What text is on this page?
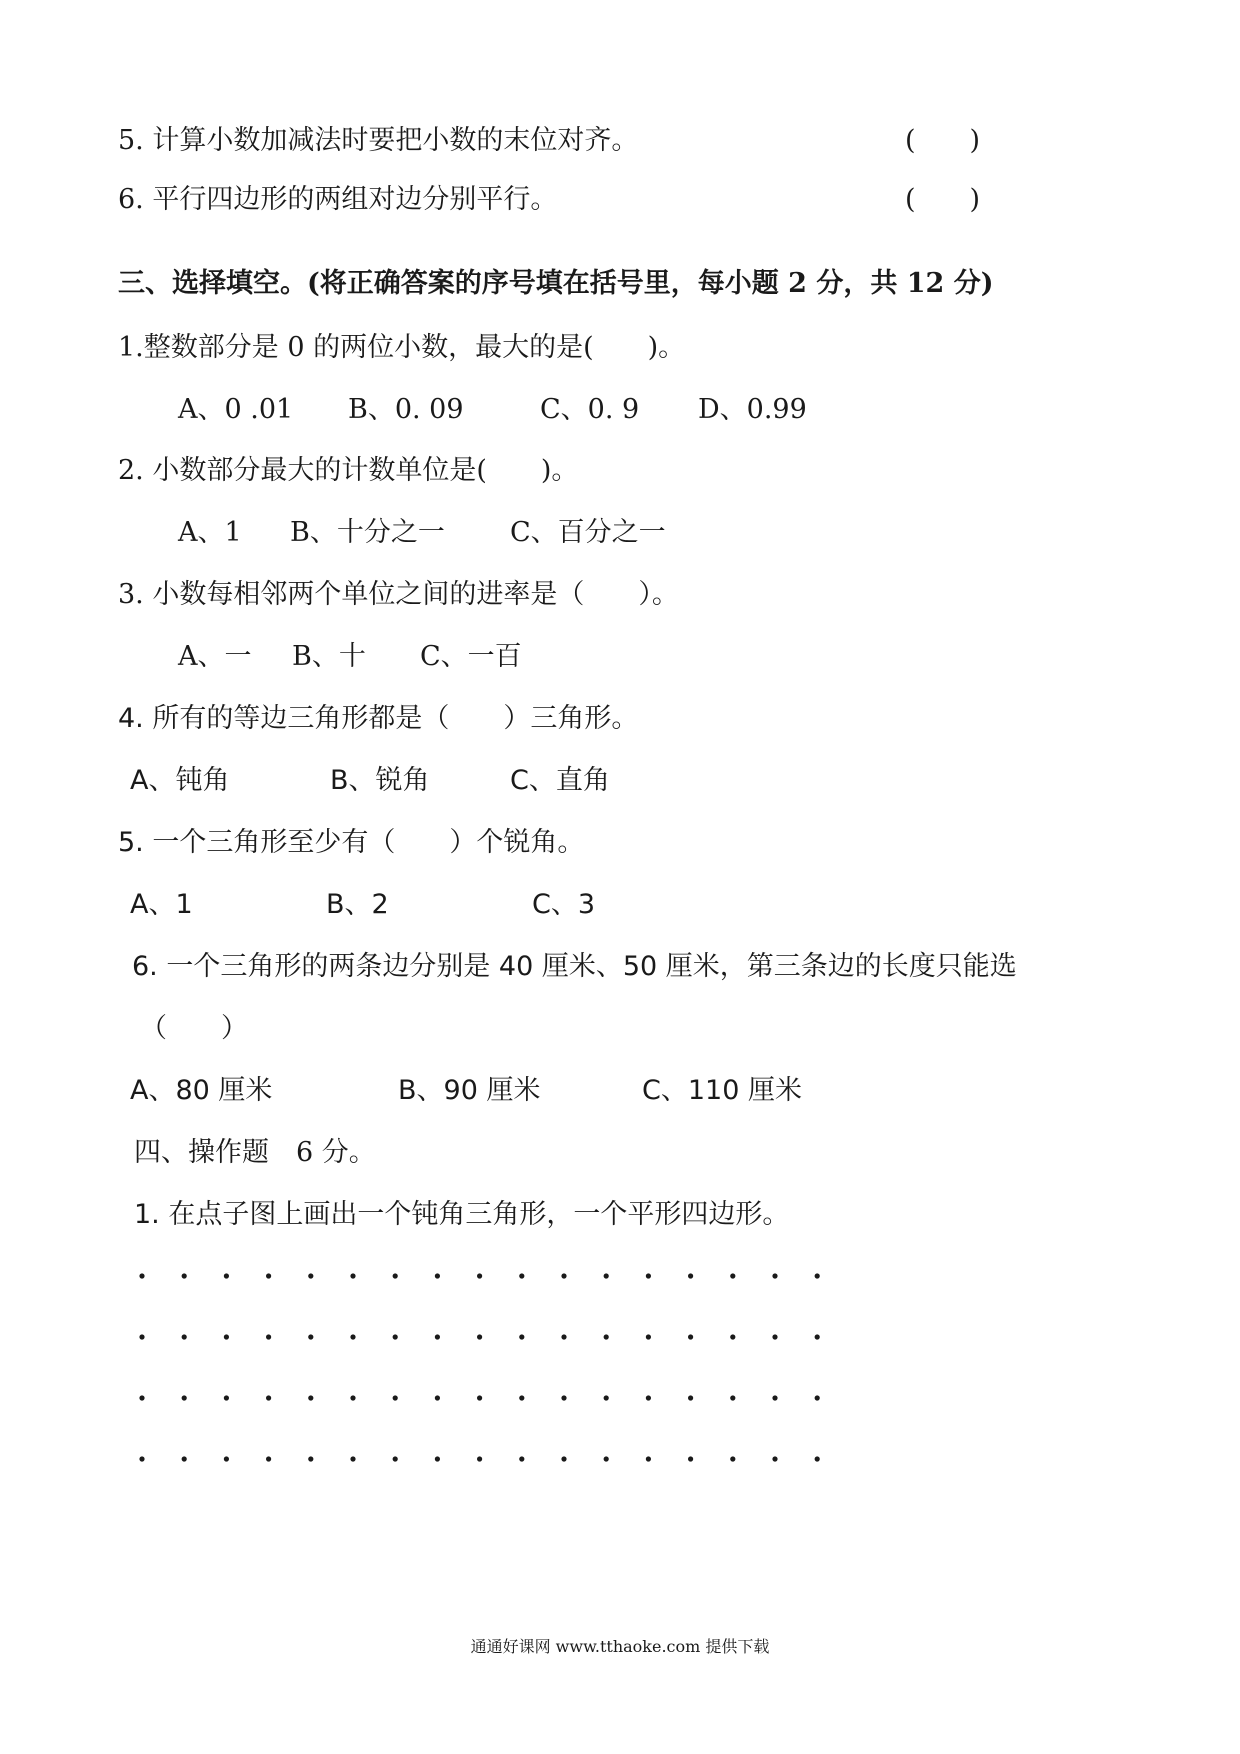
5. 计算小数加减法时要把小数的末位对齐。	(　　)
6. 平行四边形的两组对边分别平行。	(　　)
三、选择填空。(将正确答案的序号填在括号里，每小题 2 分，共 12 分)
1.整数部分是 0 的两位小数，最大的是(　　)。
A、0 .01 B、0. 09	C、0. 9 D、0.99
2. 小数部分最大的计数单位是(　　)。
A、1 B、十分之一 C、百分之一
3. 小数每相邻两个单位之间的进率是（　　）。
A、一 B、十 C、一百
4. 所有的等边三角形都是（　　）三角形。
A、钝角	B、锐角	C、直角
5. 一个三角形至少有（　　）个锐角。
A、1	B、2	C、3
6. 一个三角形的两条边分别是 40 厘米、50 厘米，第三条边的长度只能选
（　　）
A、80 厘米	B、90 厘米	C、110 厘米
四、操作题　6 分。
1. 在点子图上画出一个钝角三角形，一个平形四边形。
通通好课网 www.tthaoke.com 提供下载
